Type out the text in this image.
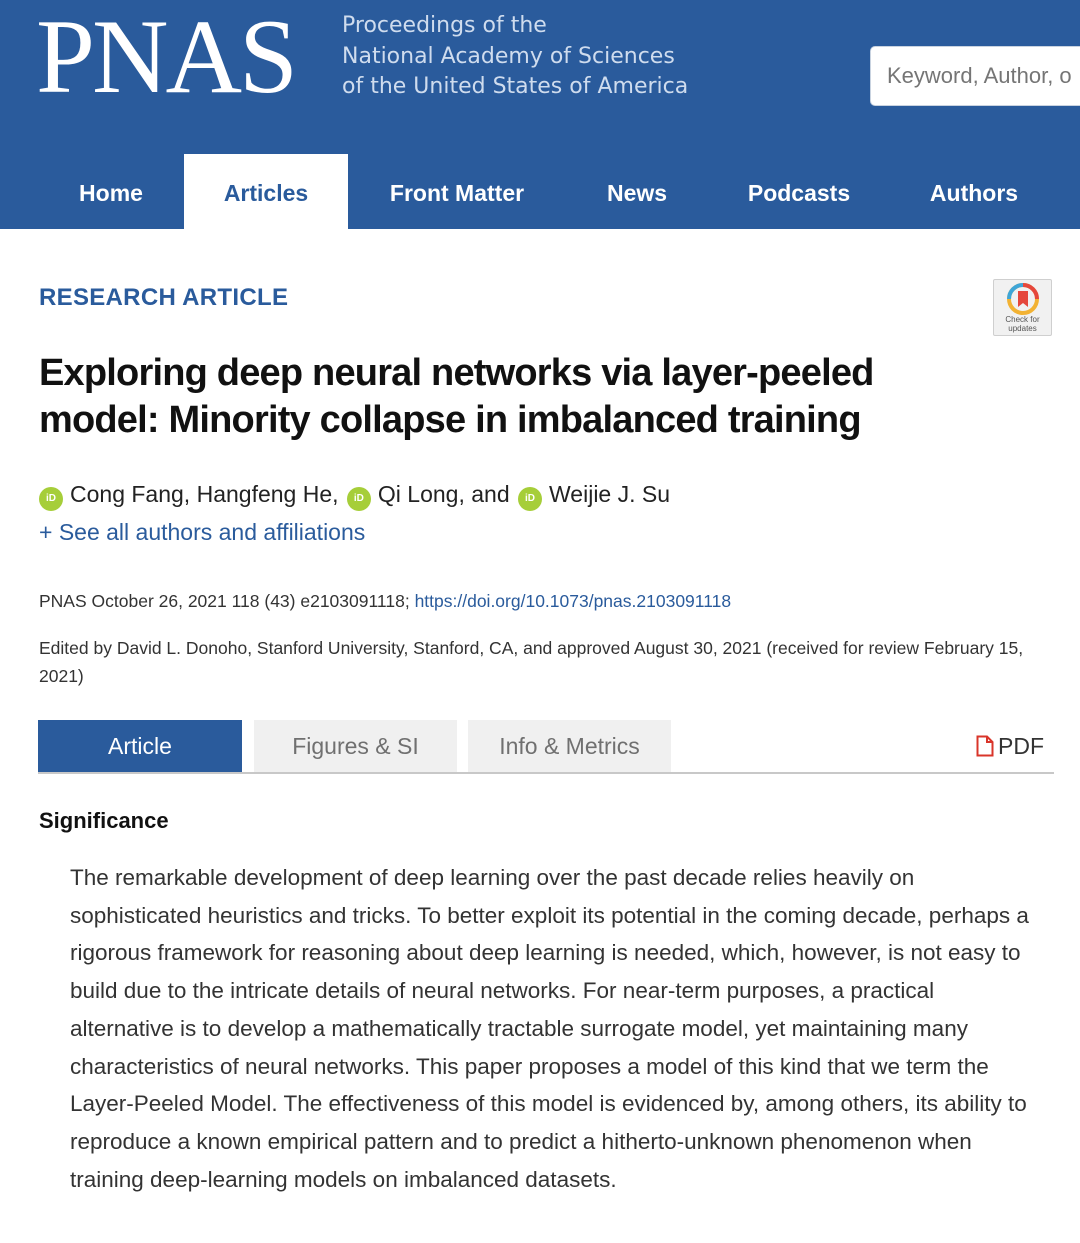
PNAS Proceedings of the
National Academy of Sciences
of the United States of America
Keyword, Author, o
Home	Articles	Front Matter	News	Podcasts	Authors
RESEARCH ARTICLE
Check for
updates
Exploring deep neural networks via layer-peeled model: Minority collapse in imbalanced training
iD Cong Fang, Hangfeng He, iD Qi Long, and iD Weijie J. Su
+ See all authors and affiliations
PNAS October 26, 2021 118 (43) e2103091118; https://doi.org/10.1073/pnas.2103091118
Edited by David L. Donoho, Stanford University, Stanford, CA, and approved August 30, 2021 (received for review February 15, 2021)
Article	Figures & SI	Info & Metrics	PDF
Significance

The remarkable development of deep learning over the past decade relies heavily on sophisticated heuristics and tricks. To better exploit its potential in the coming decade, perhaps a rigorous framework for reasoning about deep learning is needed, which, however, is not easy to build due to the intricate details of neural networks. For near-term purposes, a practical alternative is to develop a mathematically tractable surrogate model, yet maintaining many characteristics of neural networks. This paper proposes a model of this kind that we term the Layer-Peeled Model. The effectiveness of this model is evidenced by, among others, its ability to reproduce a known empirical pattern and to predict a hitherto-unknown phenomenon when training deep-learning models on imbalanced datasets.
